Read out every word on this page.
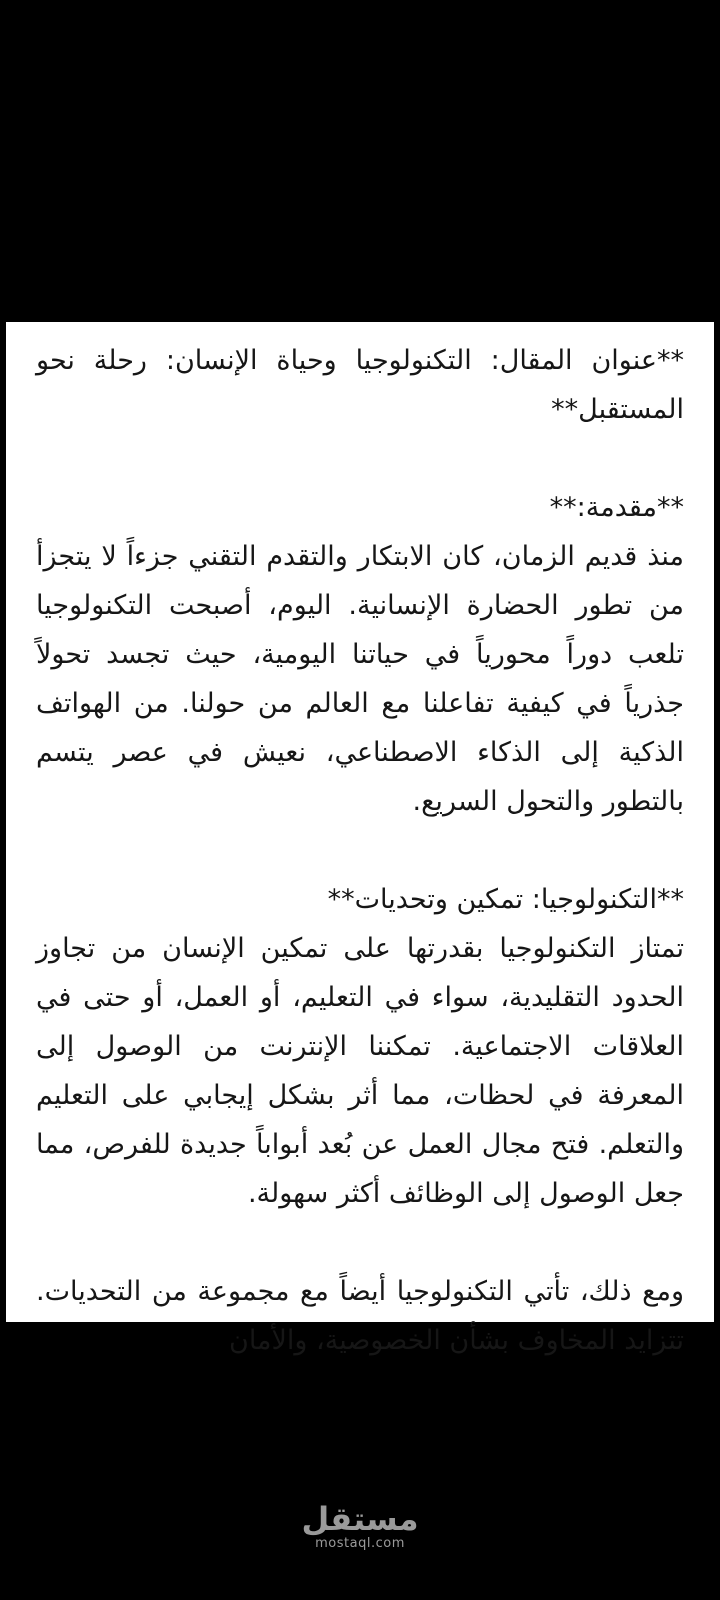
**عنوان المقال: التكنولوجيا وحياة الإنسان: رحلة نحو المستقبل**

**مقدمة:**

منذ قديم الزمان، كان الابتكار والتقدم التقني جزءاً لا يتجزأ من تطور الحضارة الإنسانية. اليوم، أصبحت التكنولوجيا تلعب دوراً محورياً في حياتنا اليومية، حيث تجسد تحولاً جذرياً في كيفية تفاعلنا مع العالم من حولنا. من الهواتف الذكية إلى الذكاء الاصطناعي، نعيش في عصر يتسم بالتطور والتحول السريع.

**التكنولوجيا: تمكين وتحديات**

تمتاز التكنولوجيا بقدرتها على تمكين الإنسان من تجاوز الحدود التقليدية، سواء في التعليم، أو العمل، أو حتى في العلاقات الاجتماعية. تمكننا الإنترنت من الوصول إلى المعرفة في لحظات، مما أثر بشكل إيجابي على التعليم والتعلم. فتح مجال العمل عن بُعد أبواباً جديدة للفرص، مما جعل الوصول إلى الوظائف أكثر سهولة.

ومع ذلك، تأتي التكنولوجيا أيضاً مع مجموعة من التحديات. تتزايد المخاوف بشأن الخصوصية، والأمان

مستقل
mostaql.com
